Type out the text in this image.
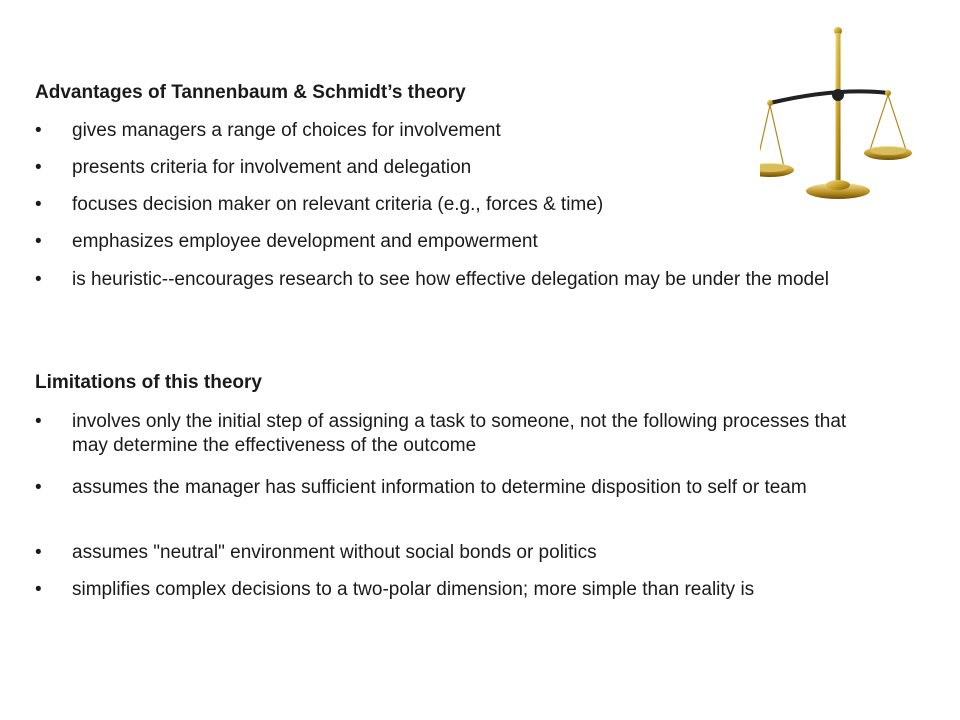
Advantages of Tannenbaum & Schmidt’s theory
•	gives managers a range of choices for involvement
•	presents criteria for involvement and delegation
•	focuses decision maker on relevant criteria (e.g., forces & time)
•	emphasizes employee development and empowerment
•	is heuristic--encourages research to see how effective delegation may be under the model
Limitations of this theory
•	involves only the initial step of assigning a task to someone, not the following processes that may determine the effectiveness of the outcome
•	assumes the manager has sufficient information to determine disposition to self or team
•	assumes "neutral" environment without social bonds or politics
•	simplifies complex decisions to a two-polar dimension; more simple than reality is
